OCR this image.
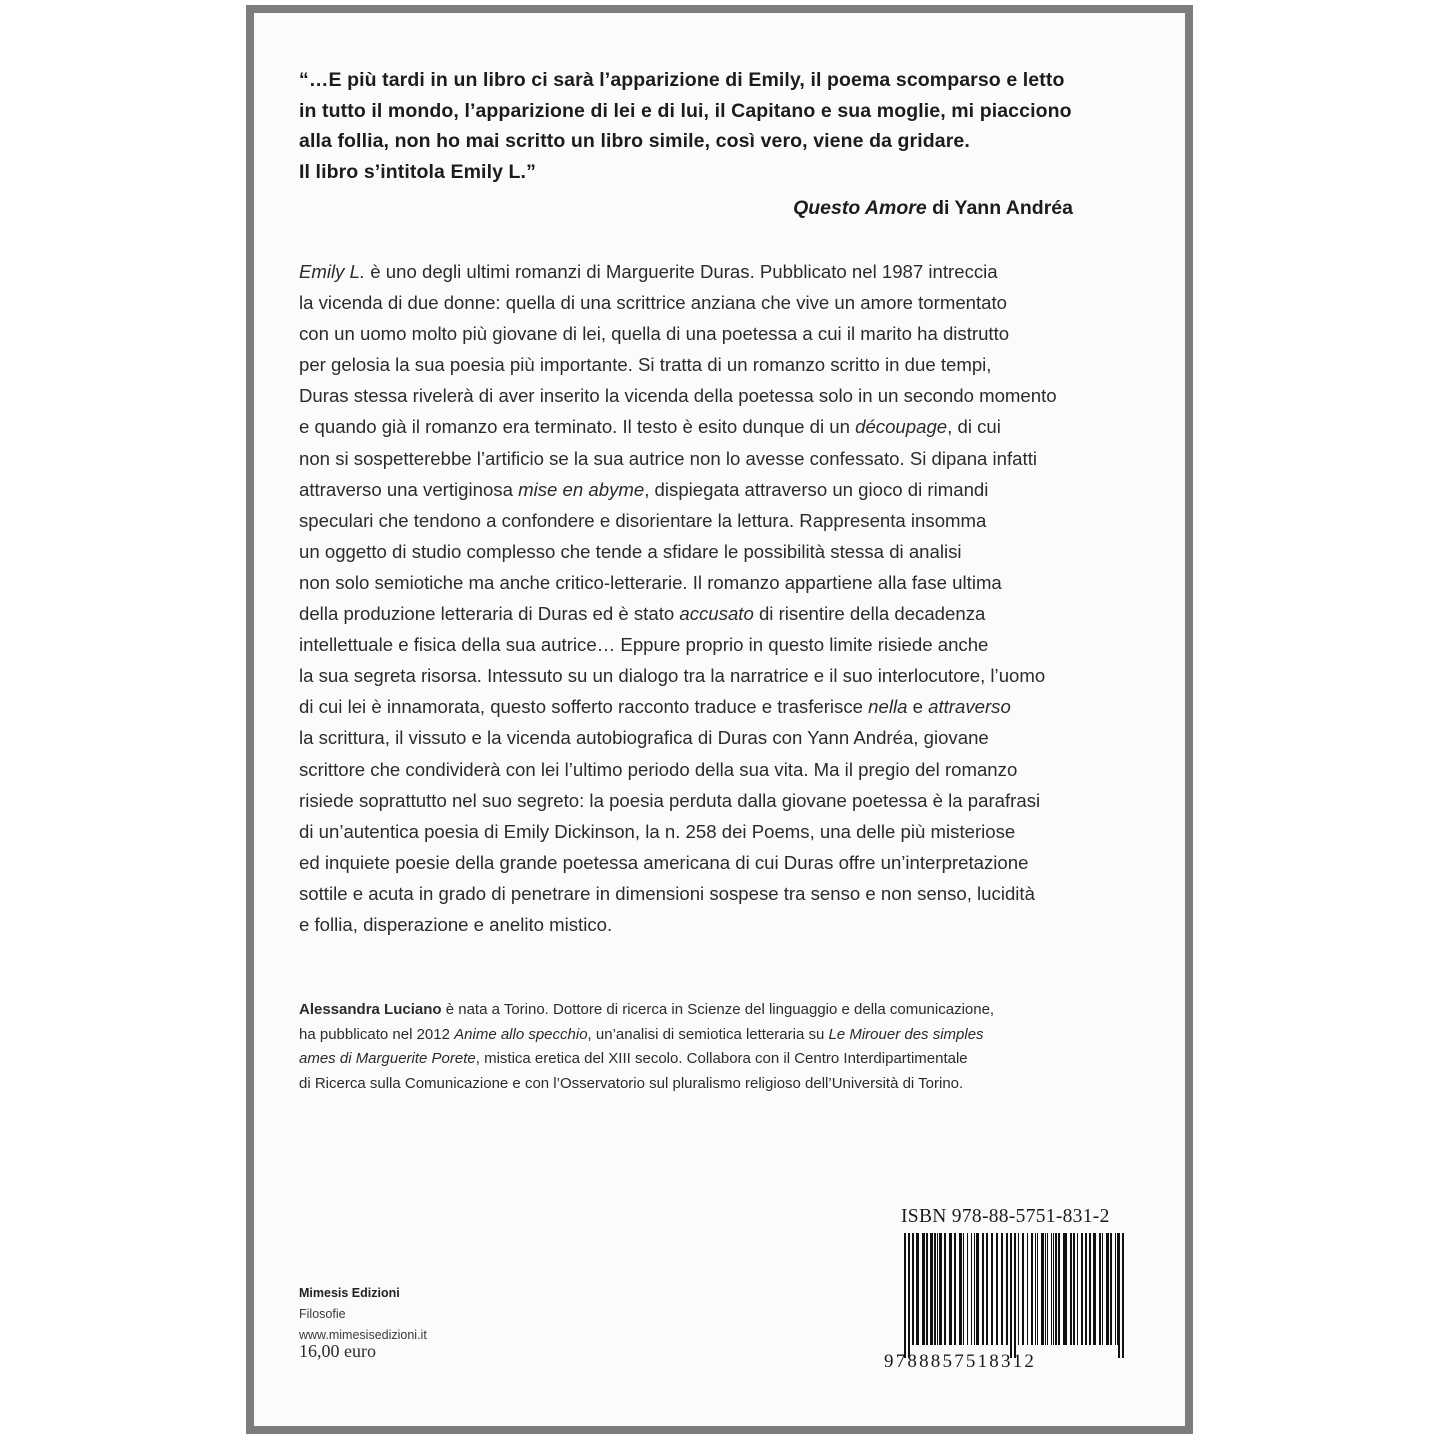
“…E più tardi in un libro ci sarà l’apparizione di Emily, il poema scomparso e letto

in tutto il mondo, l’apparizione di lei e di lui, il Capitano e sua moglie, mi piacciono

alla follia, non ho mai scritto un libro simile, così vero, viene da gridare.

Il libro s’intitola Emily L.”

Questo Amore di Yann Andréa
Emily L. è uno degli ultimi romanzi di Marguerite Duras. Pubblicato nel 1987 intreccia
la vicenda di due donne: quella di una scrittrice anziana che vive un amore tormentato
con un uomo molto più giovane di lei, quella di una poetessa a cui il marito ha distrutto
per gelosia la sua poesia più importante. Si tratta di un romanzo scritto in due tempi,
Duras stessa rivelerà di aver inserito la vicenda della poetessa solo in un secondo momento
e quando già il romanzo era terminato. Il testo è esito dunque di un découpage, di cui
non si sospetterebbe l’artificio se la sua autrice non lo avesse confessato. Si dipana infatti
attraverso una vertiginosa mise en abyme, dispiegata attraverso un gioco di rimandi
speculari che tendono a confondere e disorientare la lettura. Rappresenta insomma
un oggetto di studio complesso che tende a sfidare le possibilità stessa di analisi
non solo semiotiche ma anche critico-letterarie. Il romanzo appartiene alla fase ultima
della produzione letteraria di Duras ed è stato accusato di risentire della decadenza
intellettuale e fisica della sua autrice… Eppure proprio in questo limite risiede anche
la sua segreta risorsa. Intessuto su un dialogo tra la narratrice e il suo interlocutore, l’uomo
di cui lei è innamorata, questo sofferto racconto traduce e trasferisce nella e attraverso
la scrittura, il vissuto e la vicenda autobiografica di Duras con Yann Andréa, giovane
scrittore che condividerà con lei l’ultimo periodo della sua vita. Ma il pregio del romanzo
risiede soprattutto nel suo segreto: la poesia perduta dalla giovane poetessa è la parafrasi
di un’autentica poesia di Emily Dickinson, la n. 258 dei Poems, una delle più misteriose
ed inquiete poesie della grande poetessa americana di cui Duras offre un’interpretazione
sottile e acuta in grado di penetrare in dimensioni sospese tra senso e non senso, lucidità
e follia, disperazione e anelito mistico.
Alessandra Luciano è nata a Torino. Dottore di ricerca in Scienze del linguaggio e della comunicazione,
ha pubblicato nel 2012 Anime allo specchio, un’analisi di semiotica letteraria su Le Mirouer des simples
ames di Marguerite Porete, mistica eretica del XIII secolo. Collabora con il Centro Interdipartimentale
di Ricerca sulla Comunicazione e con l’Osservatorio sul pluralismo religioso dell’Università di Torino.
ISBN 978-88-5751-831-2
9788857518312
Mimesis Edizioni
Filosofie
www.mimesisedizioni.it
16,00 euro
